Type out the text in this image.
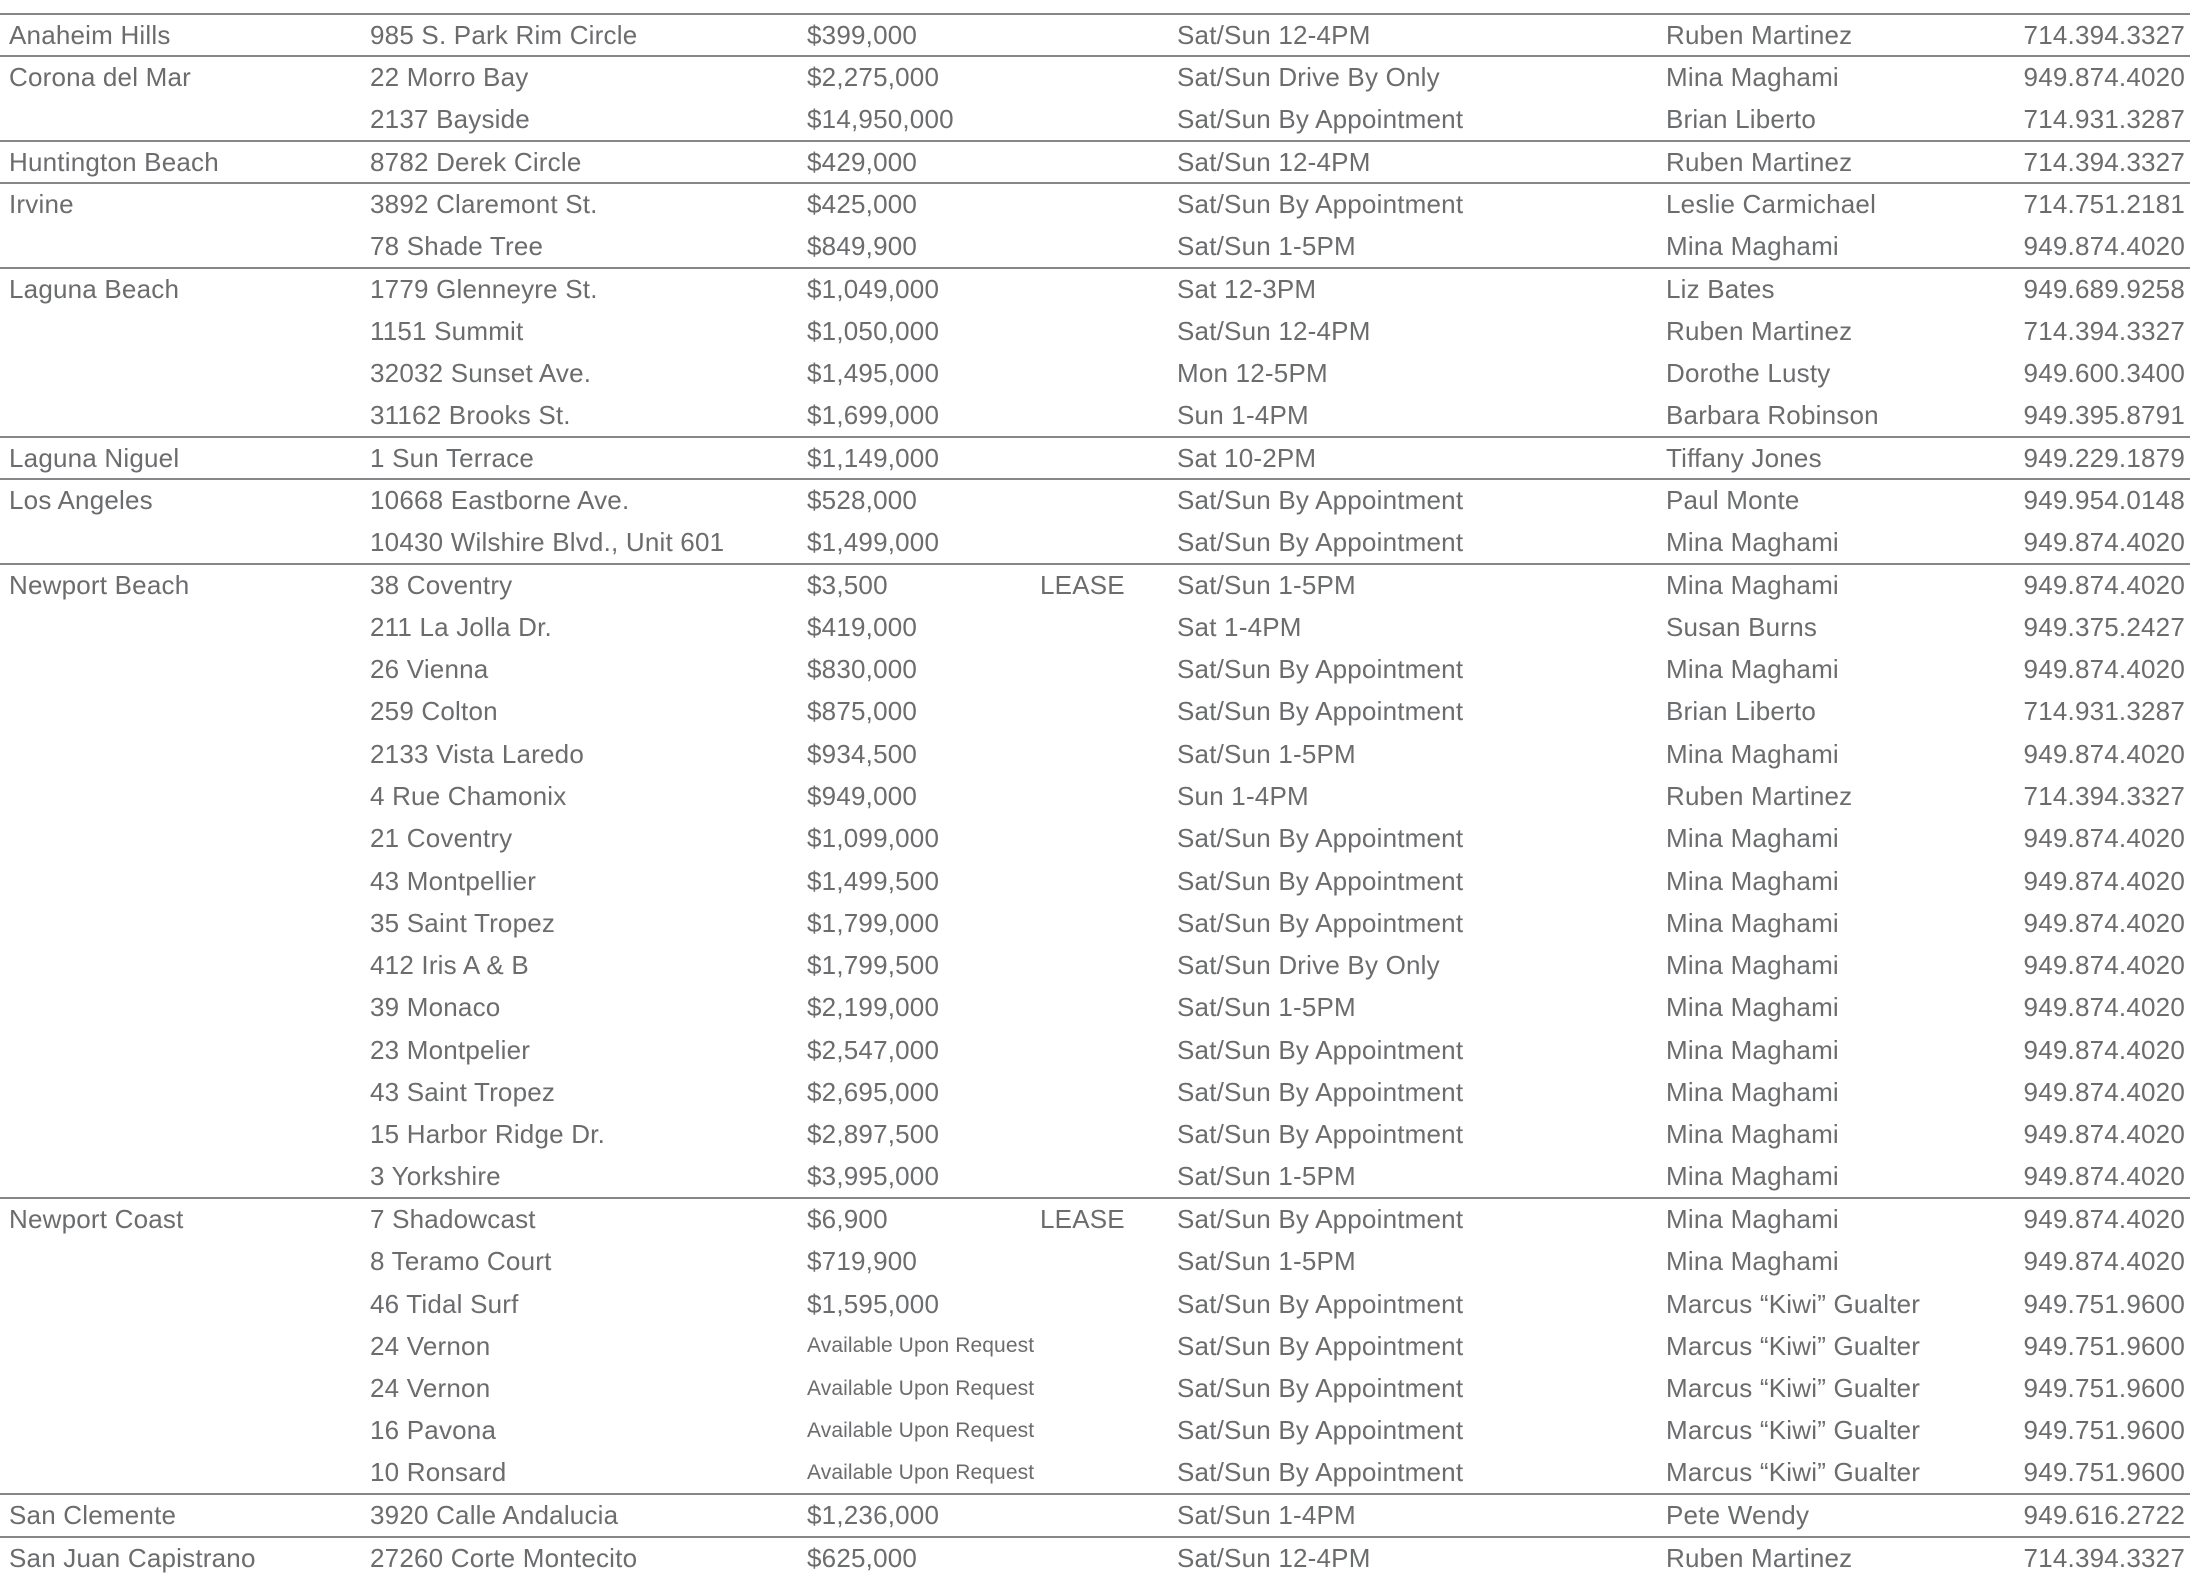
Anaheim Hills	985 S. Park Rim Circle	$399,000		Sat/Sun 12-4PM	Ruben Martinez	714.394.3327
Corona del Mar	22 Morro Bay	$2,275,000		Sat/Sun Drive By Only	Mina Maghami	949.874.4020
	2137 Bayside	$14,950,000		Sat/Sun By Appointment	Brian Liberto	714.931.3287
Huntington Beach	8782 Derek Circle	$429,000		Sat/Sun 12-4PM	Ruben Martinez	714.394.3327
Irvine	3892 Claremont St.	$425,000		Sat/Sun By Appointment	Leslie Carmichael	714.751.2181
	78 Shade Tree	$849,900		Sat/Sun 1-5PM	Mina Maghami	949.874.4020
Laguna Beach	1779 Glenneyre St.	$1,049,000		Sat 12-3PM	Liz Bates	949.689.9258
	1151 Summit	$1,050,000		Sat/Sun 12-4PM	Ruben Martinez	714.394.3327
	32032 Sunset Ave.	$1,495,000		Mon 12-5PM	Dorothe Lusty	949.600.3400
	31162 Brooks St.	$1,699,000		Sun 1-4PM	Barbara Robinson	949.395.8791
Laguna Niguel	1 Sun Terrace	$1,149,000		Sat 10-2PM	Tiffany Jones	949.229.1879
Los Angeles	10668 Eastborne Ave.	$528,000		Sat/Sun By Appointment	Paul Monte	949.954.0148
	10430 Wilshire Blvd., Unit 601	$1,499,000		Sat/Sun By Appointment	Mina Maghami	949.874.4020
Newport Beach	38 Coventry	$3,500	LEASE	Sat/Sun 1-5PM	Mina Maghami	949.874.4020
	211 La Jolla Dr.	$419,000		Sat 1-4PM	Susan Burns	949.375.2427
	26 Vienna	$830,000		Sat/Sun By Appointment	Mina Maghami	949.874.4020
	259 Colton	$875,000		Sat/Sun By Appointment	Brian Liberto	714.931.3287
	2133 Vista Laredo	$934,500		Sat/Sun 1-5PM	Mina Maghami	949.874.4020
	4 Rue Chamonix	$949,000		Sun 1-4PM	Ruben Martinez	714.394.3327
	21 Coventry	$1,099,000		Sat/Sun By Appointment	Mina Maghami	949.874.4020
	43 Montpellier	$1,499,500		Sat/Sun By Appointment	Mina Maghami	949.874.4020
	35 Saint Tropez	$1,799,000		Sat/Sun By Appointment	Mina Maghami	949.874.4020
	412 Iris A & B	$1,799,500		Sat/Sun Drive By Only	Mina Maghami	949.874.4020
	39 Monaco	$2,199,000		Sat/Sun 1-5PM	Mina Maghami	949.874.4020
	23 Montpelier	$2,547,000		Sat/Sun By Appointment	Mina Maghami	949.874.4020
	43 Saint Tropez	$2,695,000		Sat/Sun By Appointment	Mina Maghami	949.874.4020
	15 Harbor Ridge Dr.	$2,897,500		Sat/Sun By Appointment	Mina Maghami	949.874.4020
	3 Yorkshire	$3,995,000		Sat/Sun 1-5PM	Mina Maghami	949.874.4020
Newport Coast	7 Shadowcast	$6,900	LEASE	Sat/Sun By Appointment	Mina Maghami	949.874.4020
	8 Teramo Court	$719,900		Sat/Sun 1-5PM	Mina Maghami	949.874.4020
	46 Tidal Surf	$1,595,000		Sat/Sun By Appointment	Marcus “Kiwi” Gualter	949.751.9600
	24 Vernon	Available Upon Request		Sat/Sun By Appointment	Marcus “Kiwi” Gualter	949.751.9600
	24 Vernon	Available Upon Request		Sat/Sun By Appointment	Marcus “Kiwi” Gualter	949.751.9600
	16 Pavona	Available Upon Request		Sat/Sun By Appointment	Marcus “Kiwi” Gualter	949.751.9600
	10 Ronsard	Available Upon Request		Sat/Sun By Appointment	Marcus “Kiwi” Gualter	949.751.9600
San Clemente	3920 Calle Andalucia	$1,236,000		Sat/Sun 1-4PM	Pete Wendy	949.616.2722
San Juan Capistrano	27260 Corte Montecito	$625,000		Sat/Sun 12-4PM	Ruben Martinez	714.394.3327
